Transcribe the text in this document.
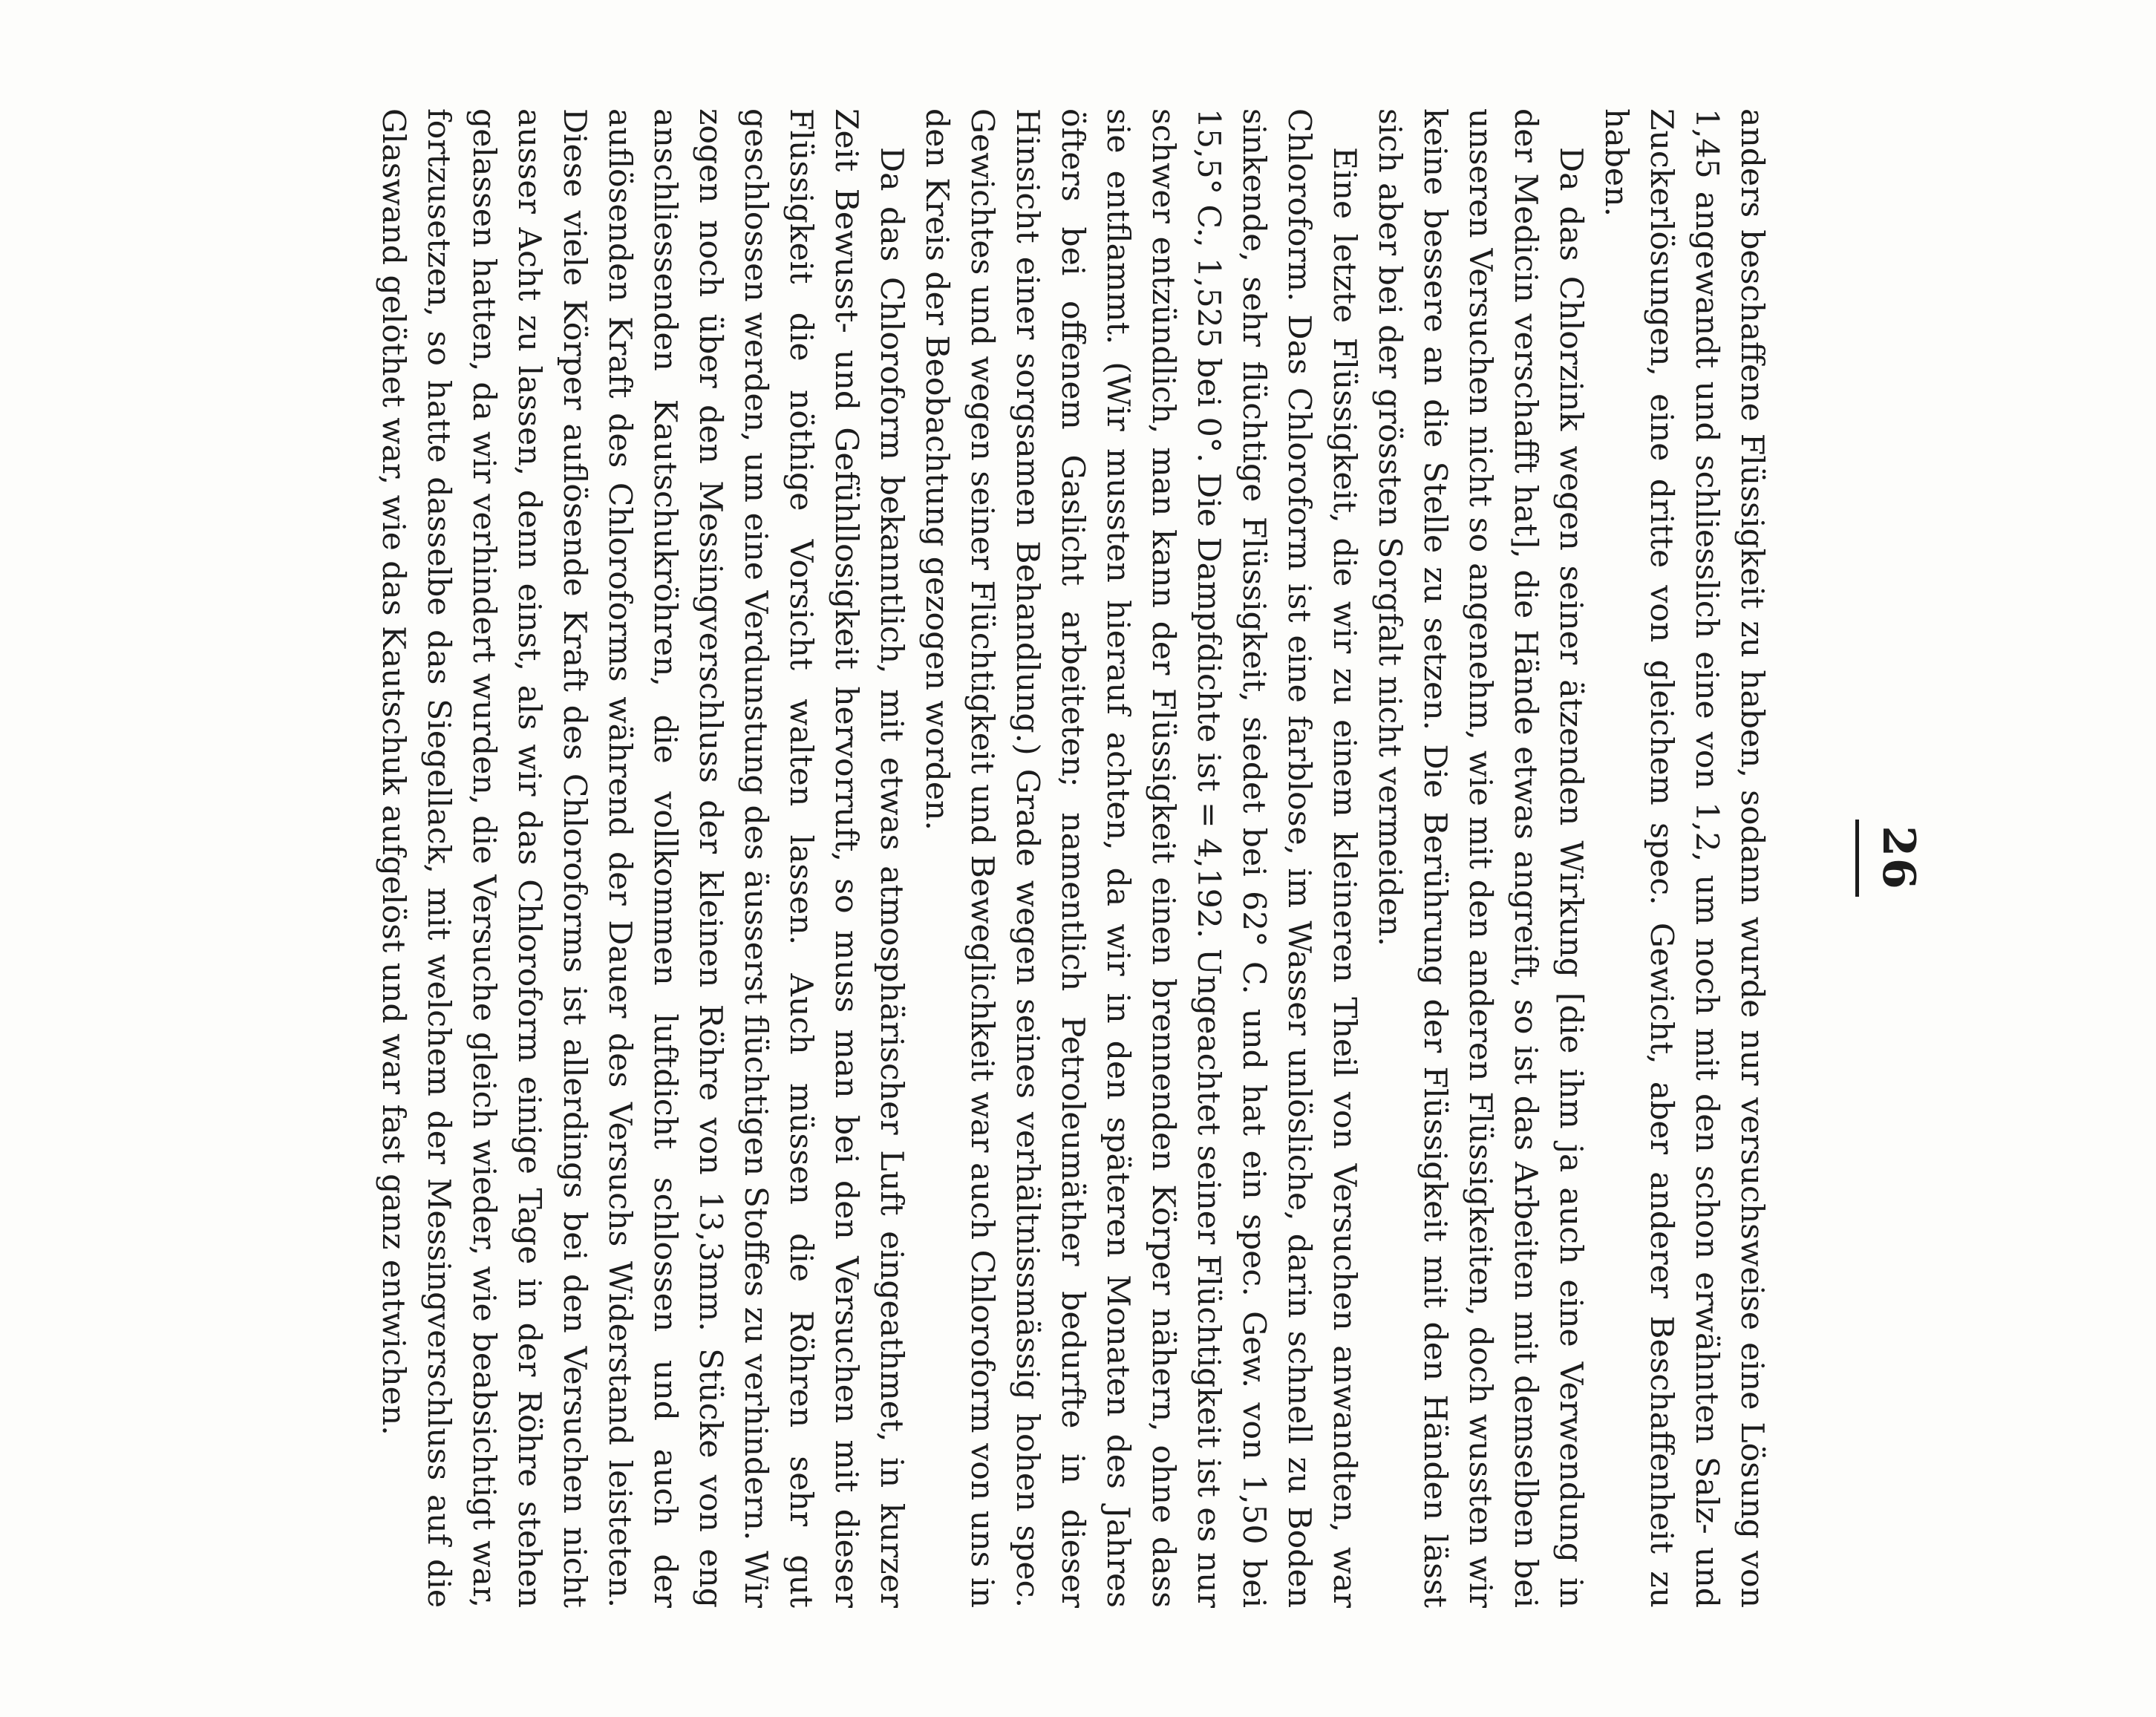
26

anders beschaffene Flüssigkeit zu haben, sodann wurde nur versuchsweise eine Lösung von 1,45 angewandt und schliesslich eine von 1,2, um noch mit den schon erwähnten Salz- und Zuckerlösungen, eine dritte von gleichem spec. Gewicht, aber anderer Beschaffenheit zu haben.

Da das Chlorzink wegen seiner ätzenden Wirkung [die ihm ja auch eine Verwendung in der Medicin verschafft hat], die Hände etwas angreift, so ist das Arbeiten mit demselben bei unseren Versuchen nicht so angenehm, wie mit den anderen Flüssigkeiten, doch wussten wir keine bessere an die Stelle zu setzen. Die Berührung der Flüssigkeit mit den Händen lässt sich aber bei der grössten Sorgfalt nicht vermeiden.

Eine letzte Flüssigkeit, die wir zu einem kleineren Theil von Versuchen anwandten, war Chloroform. Das Chloroform ist eine farblose, im Wasser unlösliche, darin schnell zu Boden sinkende, sehr flüchtige Flüssigkeit, siedet bei 62° C. und hat ein spec. Gew. von 1,50 bei 15,5° C., 1,525 bei 0°. Die Dampfdichte ist = 4,192. Ungeachtet seiner Flüchtigkeit ist es nur schwer entzündlich, man kann der Flüssigkeit einen brennenden Körper nähern, ohne dass sie entflammt. (Wir mussten hierauf achten, da wir in den späteren Monaten des Jahres öfters bei offenem Gaslicht arbeiteten; namentlich Petroleumäther bedurfte in dieser Hinsicht einer sorgsamen Behandlung.) Grade wegen seines verhältnissmässig hohen spec. Gewichtes und wegen seiner Flüchtigkeit und Beweglichkeit war auch Chloroform von uns in den Kreis der Beobachtung gezogen worden.

Da das Chloroform bekanntlich, mit etwas atmosphärischer Luft eingeathmet, in kurzer Zeit Bewusst- und Gefühllosigkeit hervorruft, so muss man bei den Versuchen mit dieser Flüssigkeit die nöthige Vorsicht walten lassen. Auch müssen die Röhren sehr gut geschlossen werden, um eine Verdunstung des äusserst flüchtigen Stoffes zu verhindern. Wir zogen noch über den Messingverschluss der kleinen Röhre von 13,3mm. Stücke von eng anschliessenden Kautschukröhren, die vollkommen luftdicht schlossen und auch der auflösenden Kraft des Chloroforms während der Dauer des Versuchs Widerstand leisteten. Diese viele Körper auflösende Kraft des Chloroforms ist allerdings bei den Versuchen nicht ausser Acht zu lassen, denn einst, als wir das Chloroform einige Tage in der Röhre stehen gelassen hatten, da wir verhindert wurden, die Versuche gleich wieder, wie beabsichtigt war, fortzusetzen, so hatte dasselbe das Siegellack, mit welchem der Messingverschluss auf die Glaswand gelöthet war, wie das Kautschuk aufgelöst und war fast ganz entwichen.
